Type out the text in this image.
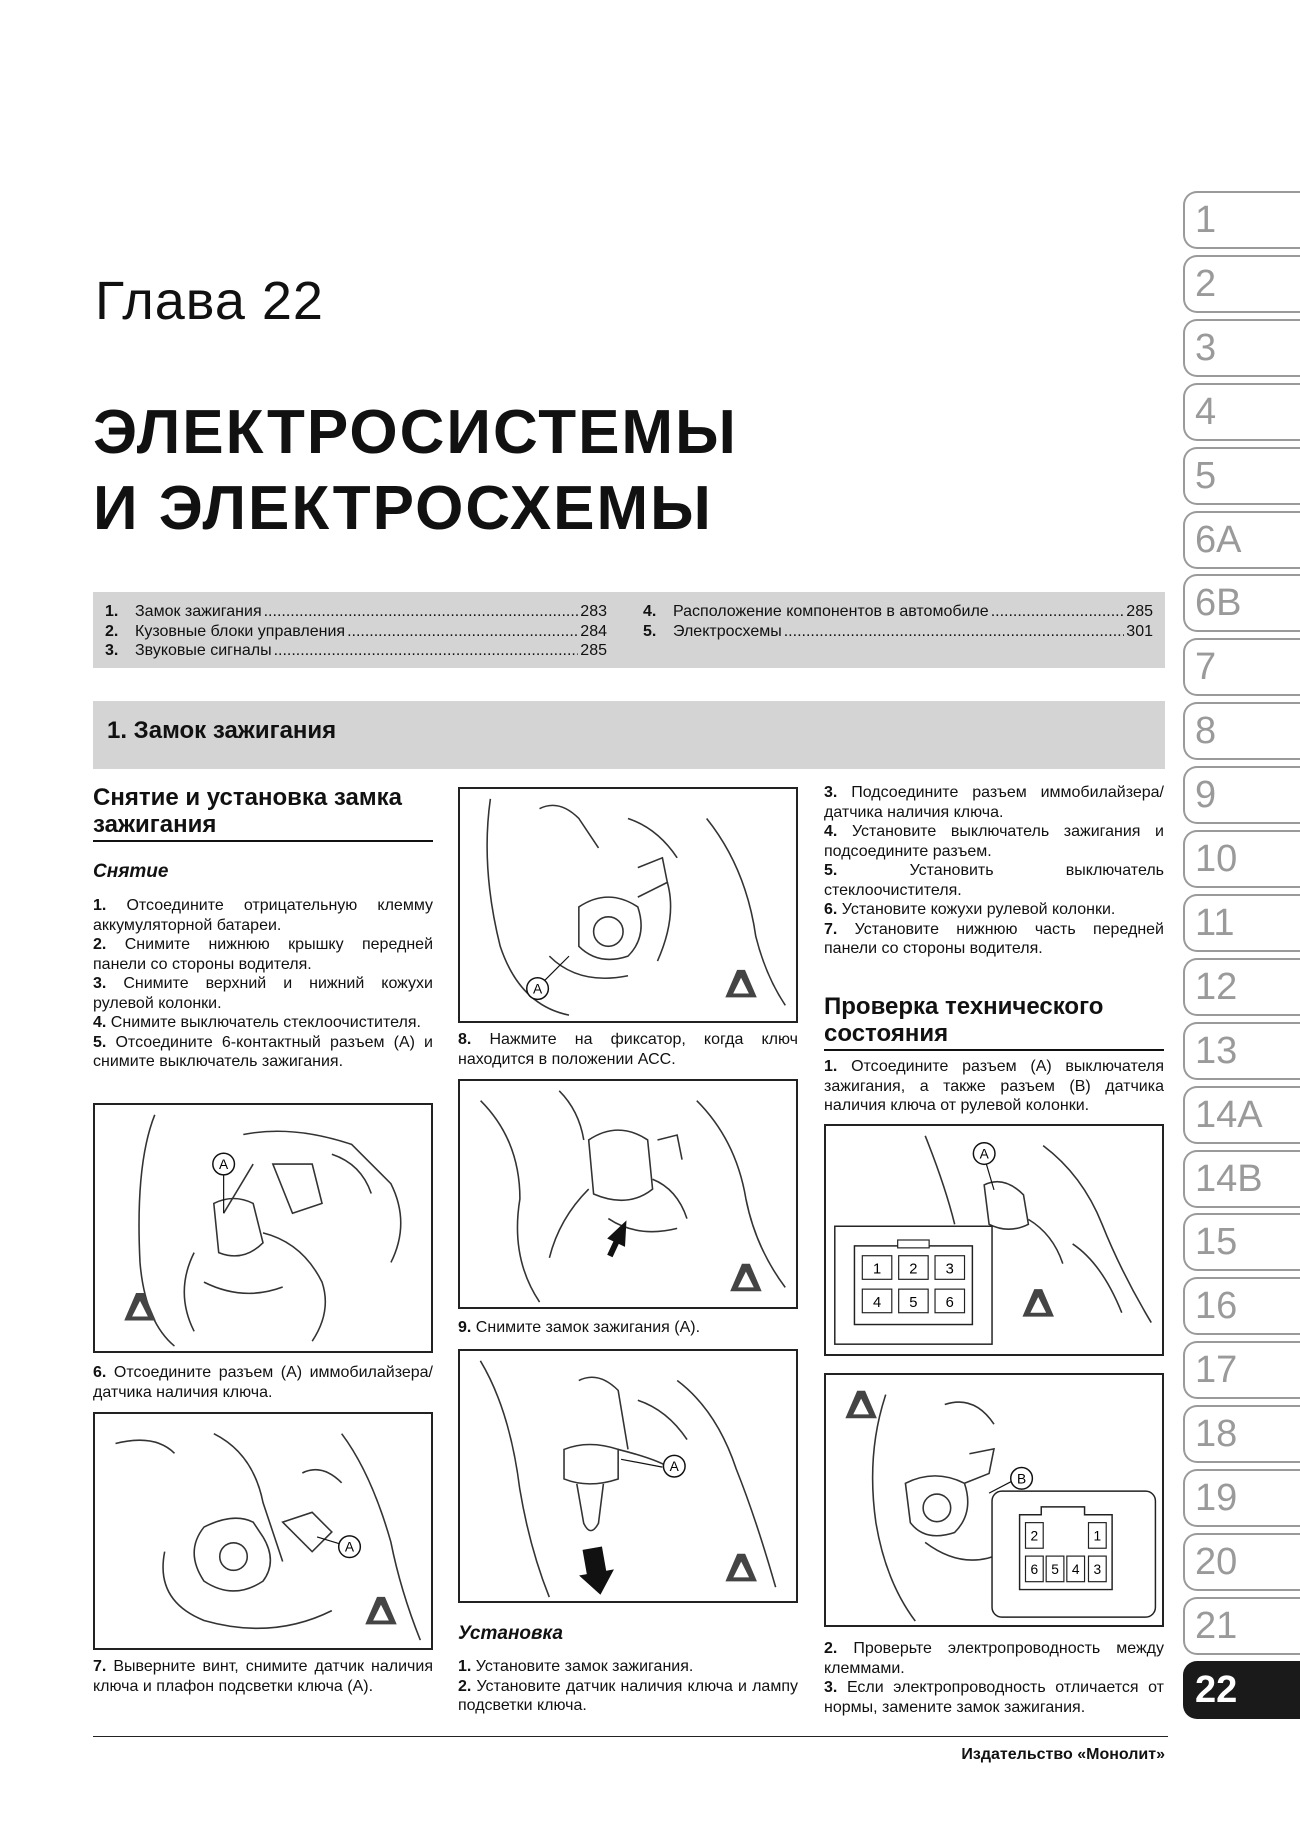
Глава 22
ЭЛЕКТРОСИСТЕМЫ
И ЭЛЕКТРОСХЕМЫ
1.	Замок зажигания .....	283
2.	Кузовные блоки управления .....	284
3.	Звуковые сигналы .....	285
4.	Расположение компонентов в автомобиле .....	285
5.	Электросхемы .....	301
1. Замок зажигания
Снятие и установка замка зажигания
Снятие

1. Отсоедините отрицательную клемму аккумуляторной батареи.

2. Снимите нижнюю крышку передней панели со стороны водителя.

3. Снимите верхний и нижний кожухи рулевой колонки.

4. Снимите выключатель стеклоочистителя.

5. Отсоедините 6-контактный разъем (А) и снимите выключатель зажигания.

A
6. Отсоедините разъем (А) иммобилайзера/датчика наличия ключа.
A
7. Выверните винт, снимите датчик наличия ключа и плафон подсветки ключа (А).
A
8. Нажмите на фиксатор, когда ключ находится в положении АСС.
9. Снимите замок зажигания (А).
A
Установка

1. Установите замок зажигания.

2. Установите датчик наличия ключа и лампу подсветки ключа.

3. Подсоедините разъем иммобилайзера/датчика наличия ключа.

4. Установите выключатель зажигания и подсоедините разъем.

5.	Установить выключатель стеклоочистителя.

6. Установите кожухи рулевой колонки.

7. Установите нижнюю часть передней панели со стороны водителя.

Проверка технического состояния

1. Отсоедините разъем (А) выключателя зажигания, а также разъем (В) датчика наличия ключа от рулевой колонки.

A
1 2 3
4 5 6
B
2	1
6 5 4 3

2. Проверьте электропроводность между клеммами.

3. Если электропроводность отличается от нормы, замените замок зажигания.

1
2
3
4
5
6A
6B
7
8
9
10
11
12
13
14A
14B
15
16
17
18
19
20
21
22
Издательство «Монолит»
